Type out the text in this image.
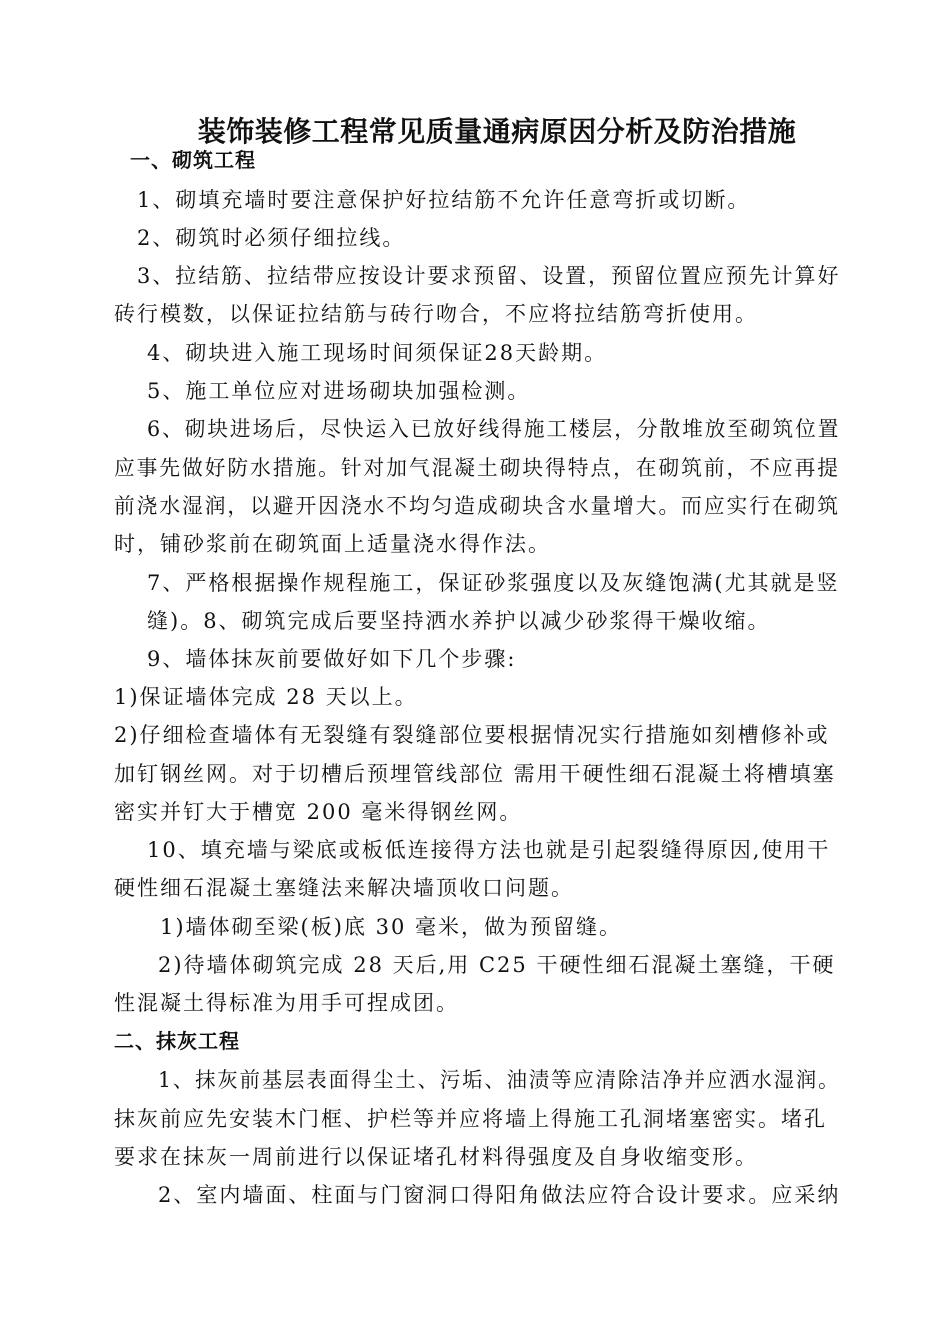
装饰装修工程常见质量通病原因分析及防治措施
一、砌筑工程
1、砌填充墙时要注意保护好拉结筋不允许任意弯折或切断。
2、砌筑时必须仔细拉线。
3、拉结筋、拉结带应按设计要求预留、设置，预留位置应预先计算好
砖行模数，以保证拉结筋与砖行吻合，不应将拉结筋弯折使用。
4、砌块进入施工现场时间须保证28天龄期。
5、施工单位应对进场砌块加强检测。
6、砌块进场后，尽快运入已放好线得施工楼层，分散堆放至砌筑位置
应事先做好防水措施。针对加气混凝土砌块得特点，在砌筑前，不应再提
前浇水湿润，以避开因浇水不均匀造成砌块含水量增大。而应实行在砌筑
时，铺砂浆前在砌筑面上适量浇水得作法。
7、严格根据操作规程施工，保证砂浆强度以及灰缝饱满(尤其就是竖
缝)。8、砌筑完成后要坚持洒水养护以减少砂浆得干燥收缩。
9、墙体抹灰前要做好如下几个步骤:
1)保证墙体完成 28 天以上。
2)仔细检查墙体有无裂缝有裂缝部位要根据情况实行措施如刻槽修补或
加钉钢丝网。对于切槽后预埋管线部位 需用干硬性细石混凝土将槽填塞
密实并钉大于槽宽 200 毫米得钢丝网。
10、填充墙与梁底或板低连接得方法也就是引起裂缝得原因,使用干
硬性细石混凝土塞缝法来解决墙顶收口问题。
1)墙体砌至梁(板)底 30 毫米，做为预留缝。
2)待墙体砌筑完成 28 天后,用 C25 干硬性细石混凝土塞缝，干硬
性混凝土得标准为用手可捏成团。
二、抹灰工程
1、抹灰前基层表面得尘土、污垢、油渍等应清除洁净并应洒水湿润。
抹灰前应先安装木门框、护栏等并应将墙上得施工孔洞堵塞密实。堵孔
要求在抹灰一周前进行以保证堵孔材料得强度及自身收缩变形。
2、室内墙面、柱面与门窗洞口得阳角做法应符合设计要求。应采纳
